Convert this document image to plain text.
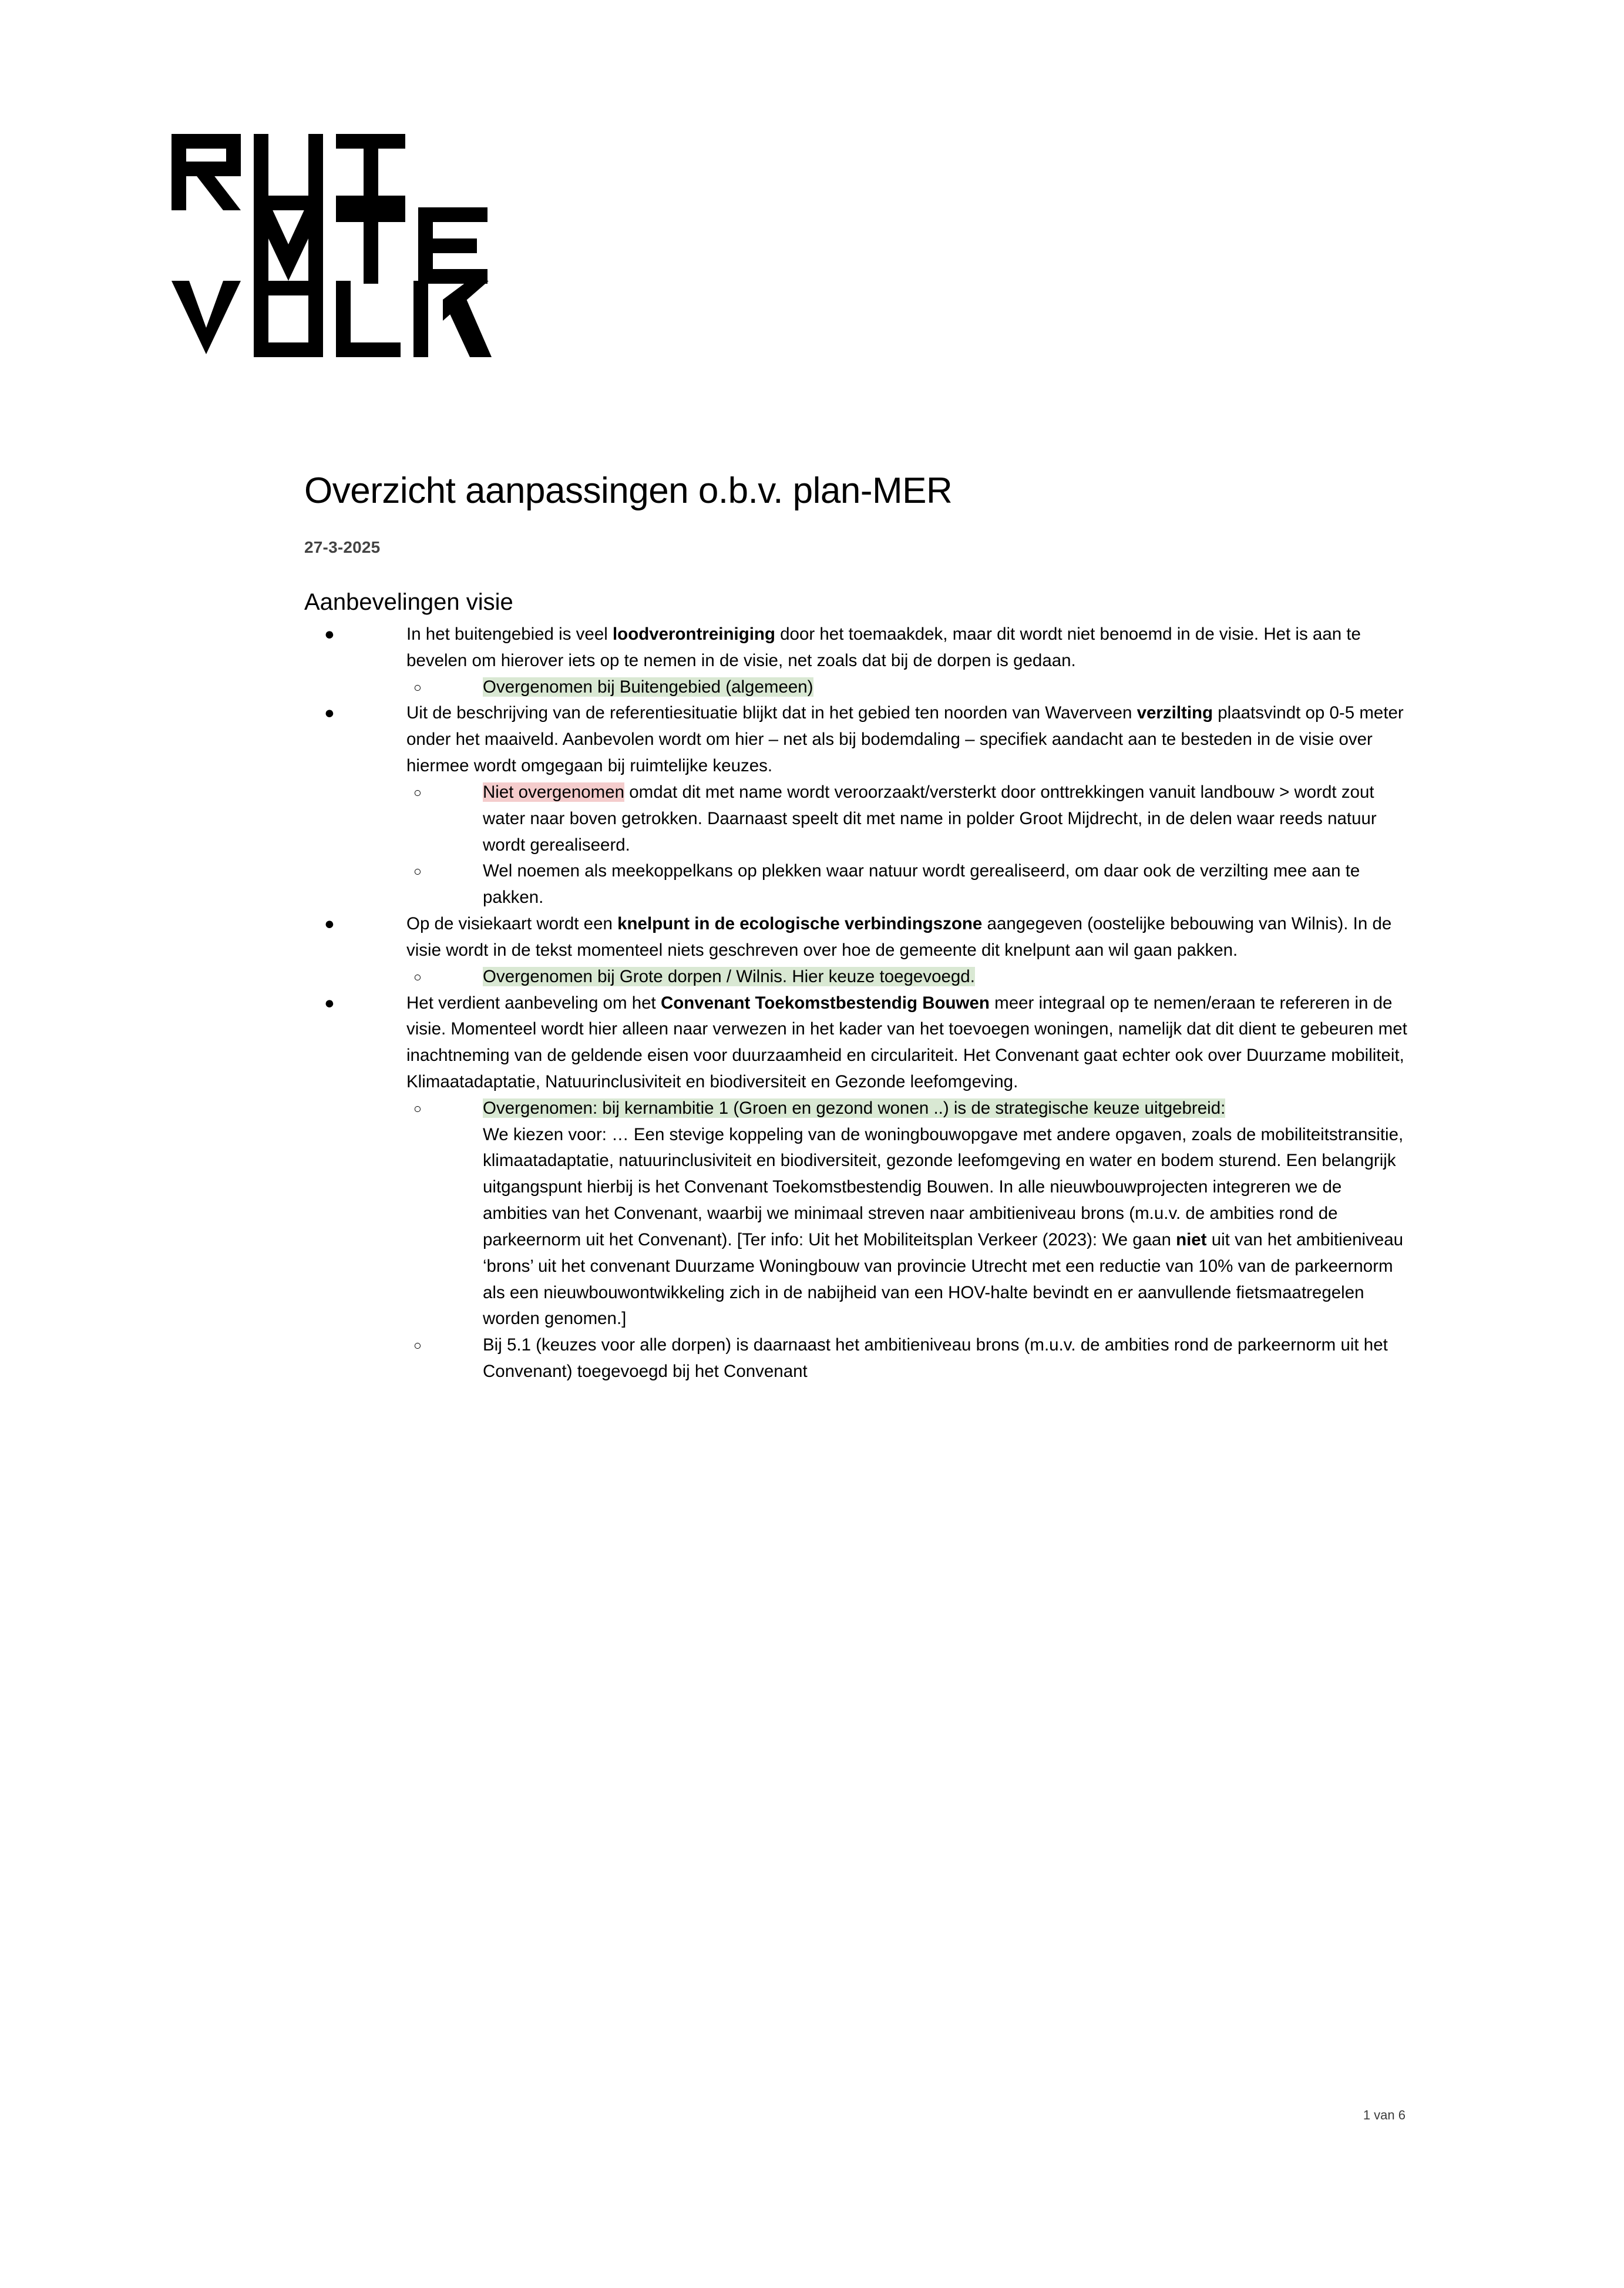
Overzicht aanpassingen o.b.v. plan-MER
27-3-2025
Aanbevelingen visie
●	In het buitengebied is veel loodverontreiniging door het toemaakdek, maar dit wordt niet benoemd in de visie. Het is aan te bevelen om hierover iets op te nemen in de visie, net zoals dat bij de dorpen is gedaan.
○	Overgenomen bij Buitengebied (algemeen)
●	Uit de beschrijving van de referentiesituatie blijkt dat in het gebied ten noorden van Waverveen verzilting plaatsvindt op 0-5 meter onder het maaiveld. Aanbevolen wordt om hier – net als bij bodemdaling – specifiek aandacht aan te besteden in de visie over hiermee wordt omgegaan bij ruimtelijke keuzes.
○	Niet overgenomen omdat dit met name wordt veroorzaakt/versterkt door onttrekkingen vanuit landbouw > wordt zout water naar boven getrokken. Daarnaast speelt dit met name in polder Groot Mijdrecht, in de delen waar reeds natuur wordt gerealiseerd.
○	Wel noemen als meekoppelkans op plekken waar natuur wordt gerealiseerd, om daar ook de verzilting mee aan te pakken.
●	Op de visiekaart wordt een knelpunt in de ecologische verbindingszone aangegeven (oostelijke bebouwing van Wilnis). In de visie wordt in de tekst momenteel niets geschreven over hoe de gemeente dit knelpunt aan wil gaan pakken.
○	Overgenomen bij Grote dorpen / Wilnis. Hier keuze toegevoegd.
●	Het verdient aanbeveling om het Convenant Toekomstbestendig Bouwen meer integraal op te nemen/eraan te refereren in de visie. Momenteel wordt hier alleen naar verwezen in het kader van het toevoegen woningen, namelijk dat dit dient te gebeuren met inachtneming van de geldende eisen voor duurzaamheid en circulariteit. Het Convenant gaat echter ook over Duurzame mobiliteit, Klimaatadaptatie, Natuurinclusiviteit en biodiversiteit en Gezonde leefomgeving.
○	Overgenomen: bij kernambitie 1 (Groen en gezond wonen ..) is de strategische keuze uitgebreid:
We kiezen voor: … Een stevige koppeling van de woningbouwopgave met andere opgaven, zoals de mobiliteitstransitie, klimaatadaptatie, natuurinclusiviteit en biodiversiteit, gezonde leefomgeving en water en bodem sturend. Een belangrijk uitgangspunt hierbij is het Convenant Toekomstbestendig Bouwen. In alle nieuwbouwprojecten integreren we de ambities van het Convenant, waarbij we minimaal streven naar ambitieniveau brons (m.u.v. de ambities rond de parkeernorm uit het Convenant). [Ter info: Uit het Mobiliteitsplan Verkeer (2023): We gaan niet uit van het ambitieniveau ‘brons’ uit het convenant Duurzame Woningbouw van provincie Utrecht met een reductie van 10% van de parkeernorm als een nieuwbouwontwikkeling zich in de nabijheid van een HOV-halte bevindt en er aanvullende fietsmaatregelen worden genomen.]
○	Bij 5.1 (keuzes voor alle dorpen) is daarnaast het ambitieniveau brons (m.u.v. de ambities rond de parkeernorm uit het Convenant) toegevoegd bij het Convenant
1 van 6
